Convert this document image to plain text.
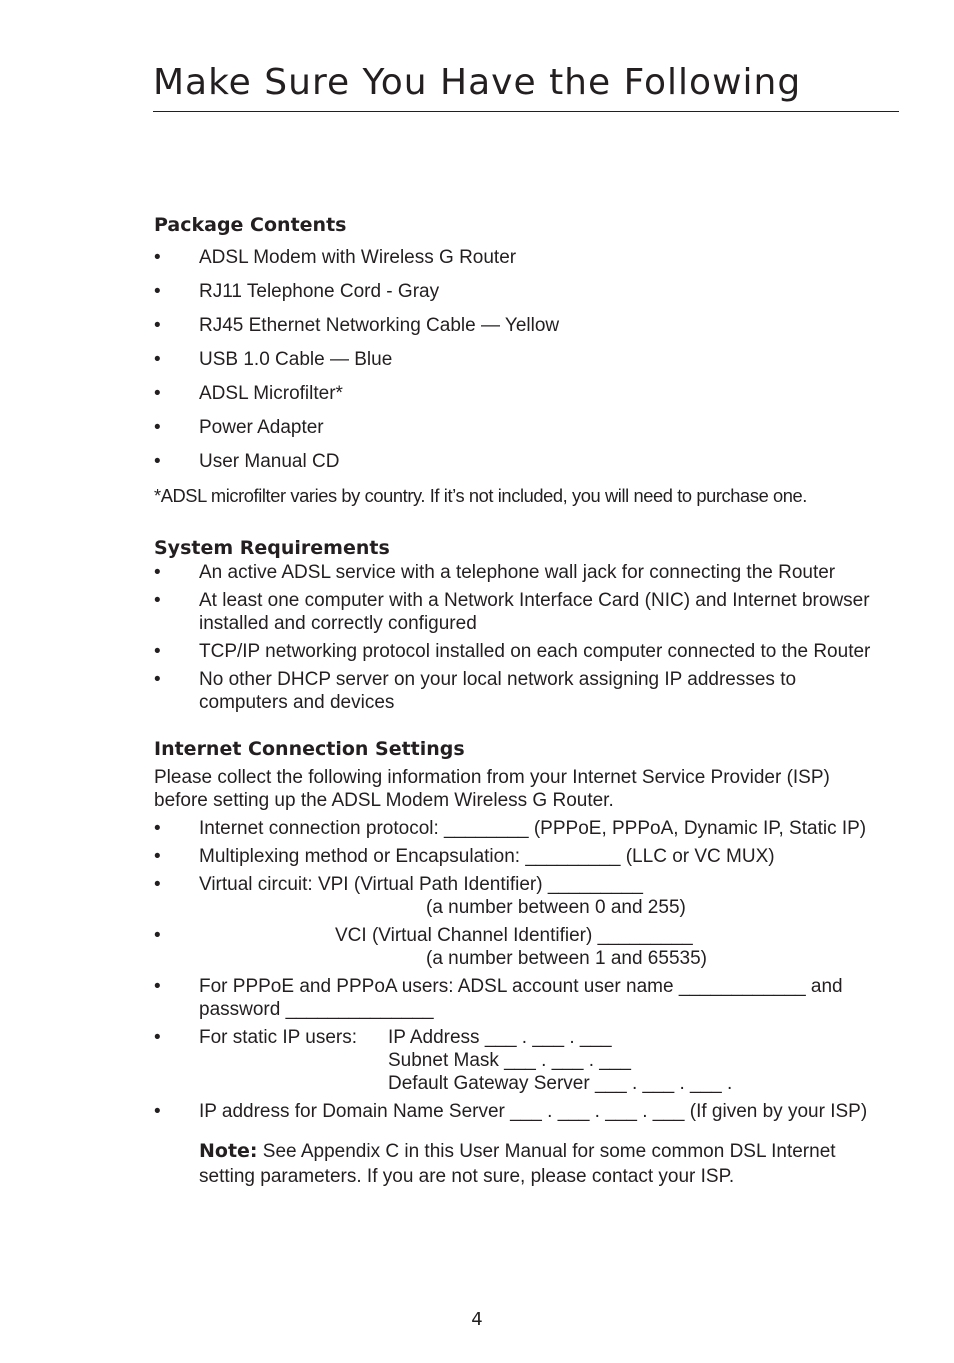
Make Sure You Have the Following
Package Contents
• ADSL Modem with Wireless G Router
• RJ11 Telephone Cord - Gray
• RJ45 Ethernet Networking Cable — Yellow
• USB 1.0 Cable — Blue
• ADSL Microfilter*
• Power Adapter
• User Manual CD
*ADSL microfilter varies by country. If it’s not included, you will need to purchase one.
System Requirements
• An active ADSL service with a telephone wall jack for connecting the Router
• At least one computer with a Network Interface Card (NIC) and Internet browser installed and correctly configured
• TCP/IP networking protocol installed on each computer connected to the Router
• No other DHCP server on your local network assigning IP addresses to computers and devices
Internet Connection Settings
Please collect the following information from your Internet Service Provider (ISP) before setting up the ADSL Modem Wireless G Router.
• Internet connection protocol: ________ (PPPoE, PPPoA, Dynamic IP, Static IP)
• Multiplexing method or Encapsulation: _________ (LLC or VC MUX)
• Virtual circuit: VPI (Virtual Path Identifier) _________
(a number between 0 and 255)
• VCI (Virtual Channel Identifier) _________
(a number between 1 and 65535)
• For PPPoE and PPPoA users: ADSL account user name ____________ and password ______________
• For static IP users:	IP Address ___ . ___ . ___
Subnet Mask ___ . ___ . ___
Default Gateway Server ___ . ___ . ___ .
• IP address for Domain Name Server ___ . ___ . ___ . ___ (If given by your ISP)
Note: See Appendix C in this User Manual for some common DSL Internet setting parameters. If you are not sure, please contact your ISP.
4
